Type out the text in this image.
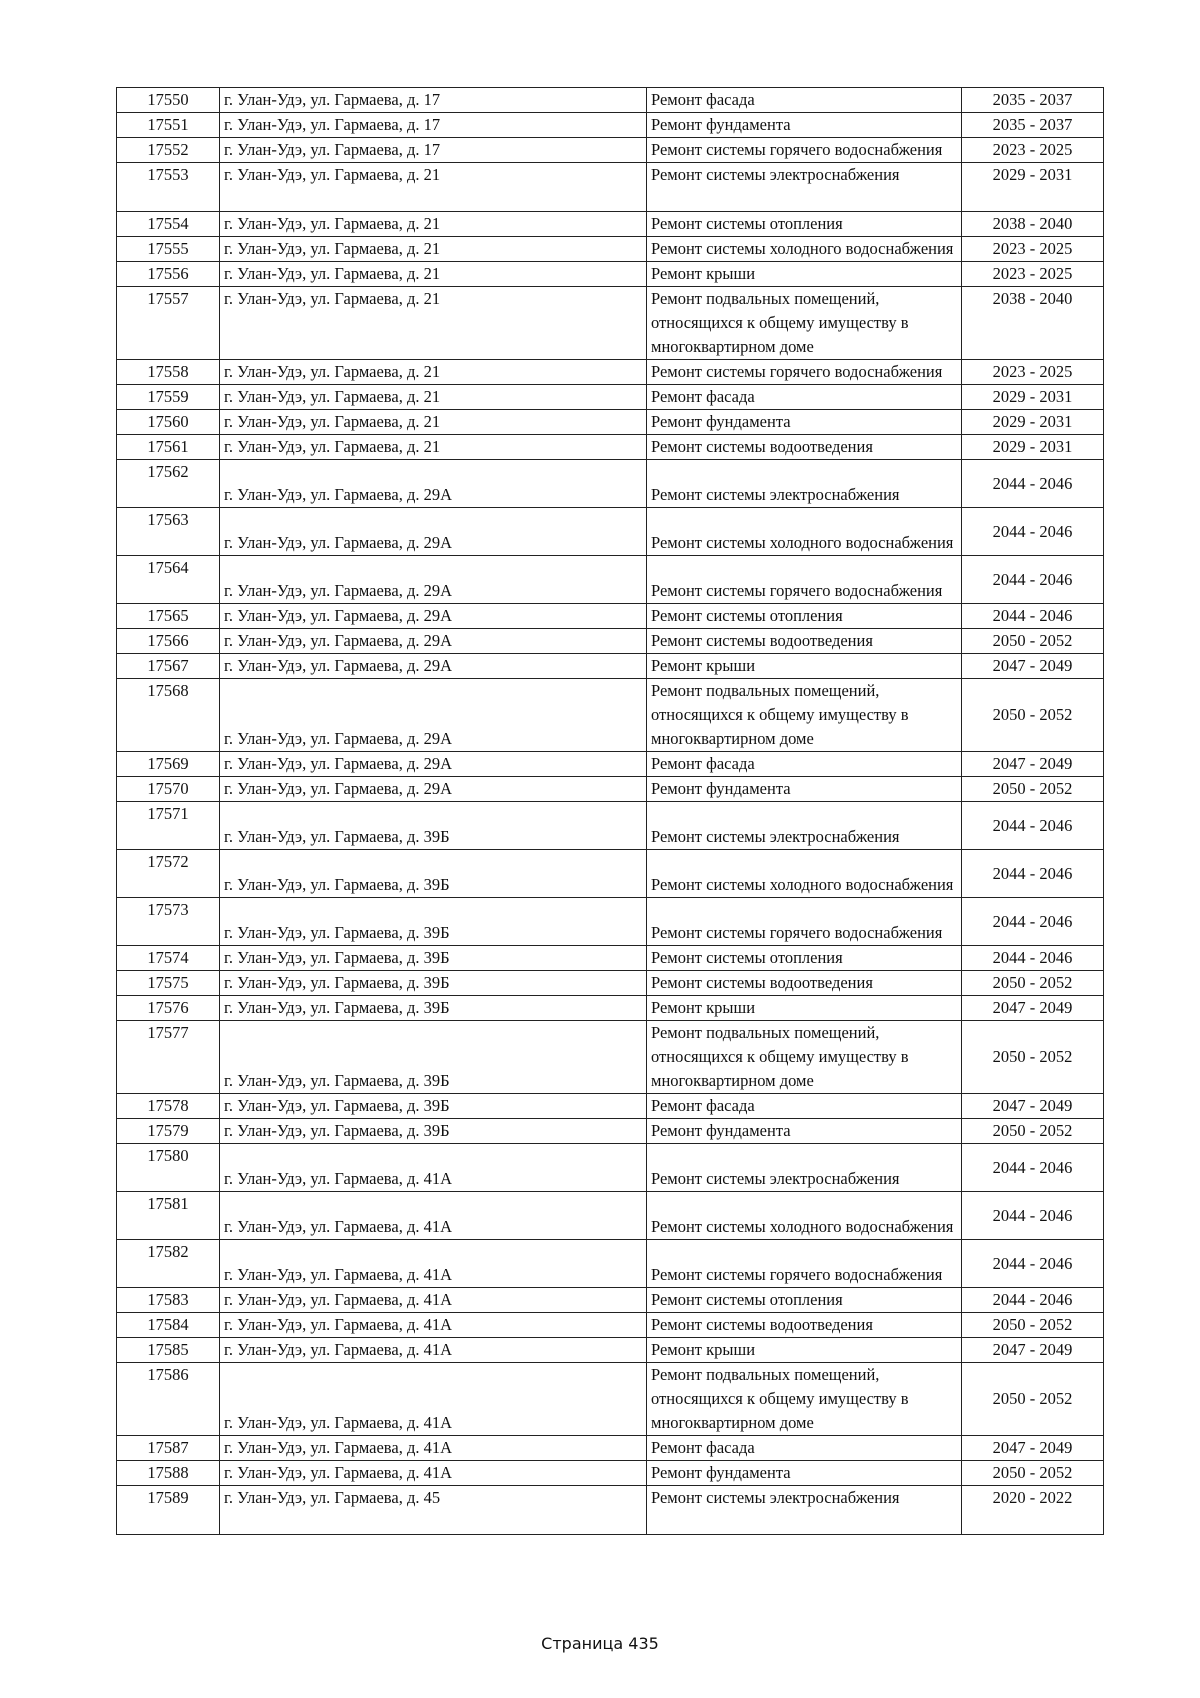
17550	г. Улан-Удэ, ул. Гармаева, д. 17	Ремонт фасада	2035 - 2037
17551	г. Улан-Удэ, ул. Гармаева, д. 17	Ремонт фундамента	2035 - 2037
17552	г. Улан-Удэ, ул. Гармаева, д. 17	Ремонт системы горячего водоснабжения	2023 - 2025
17553	г. Улан-Удэ, ул. Гармаева, д. 21	Ремонт системы электроснабжения	2029 - 2031
17554	г. Улан-Удэ, ул. Гармаева, д. 21	Ремонт системы отопления	2038 - 2040
17555	г. Улан-Удэ, ул. Гармаева, д. 21	Ремонт системы холодного водоснабжения	2023 - 2025
17556	г. Улан-Удэ, ул. Гармаева, д. 21	Ремонт крыши	2023 - 2025
17557	г. Улан-Удэ, ул. Гармаева, д. 21	Ремонт подвальных помещений, относящихся к общему имуществу в многоквартирном доме	2038 - 2040
17558	г. Улан-Удэ, ул. Гармаева, д. 21	Ремонт системы горячего водоснабжения	2023 - 2025
17559	г. Улан-Удэ, ул. Гармаева, д. 21	Ремонт фасада	2029 - 2031
17560	г. Улан-Удэ, ул. Гармаева, д. 21	Ремонт фундамента	2029 - 2031
17561	г. Улан-Удэ, ул. Гармаева, д. 21	Ремонт системы водоотведения	2029 - 2031
17562	г. Улан-Удэ, ул. Гармаева, д. 29А	Ремонт системы электроснабжения	2044 - 2046
17563	г. Улан-Удэ, ул. Гармаева, д. 29А	Ремонт системы холодного водоснабжения	2044 - 2046
17564	г. Улан-Удэ, ул. Гармаева, д. 29А	Ремонт системы горячего водоснабжения	2044 - 2046
17565	г. Улан-Удэ, ул. Гармаева, д. 29А	Ремонт системы отопления	2044 - 2046
17566	г. Улан-Удэ, ул. Гармаева, д. 29А	Ремонт системы водоотведения	2050 - 2052
17567	г. Улан-Удэ, ул. Гармаева, д. 29А	Ремонт крыши	2047 - 2049
17568	г. Улан-Удэ, ул. Гармаева, д. 29А	Ремонт подвальных помещений, относящихся к общему имуществу в многоквартирном доме	2050 - 2052
17569	г. Улан-Удэ, ул. Гармаева, д. 29А	Ремонт фасада	2047 - 2049
17570	г. Улан-Удэ, ул. Гармаева, д. 29А	Ремонт фундамента	2050 - 2052
17571	г. Улан-Удэ, ул. Гармаева, д. 39Б	Ремонт системы электроснабжения	2044 - 2046
17572	г. Улан-Удэ, ул. Гармаева, д. 39Б	Ремонт системы холодного водоснабжения	2044 - 2046
17573	г. Улан-Удэ, ул. Гармаева, д. 39Б	Ремонт системы горячего водоснабжения	2044 - 2046
17574	г. Улан-Удэ, ул. Гармаева, д. 39Б	Ремонт системы отопления	2044 - 2046
17575	г. Улан-Удэ, ул. Гармаева, д. 39Б	Ремонт системы водоотведения	2050 - 2052
17576	г. Улан-Удэ, ул. Гармаева, д. 39Б	Ремонт крыши	2047 - 2049
17577	г. Улан-Удэ, ул. Гармаева, д. 39Б	Ремонт подвальных помещений, относящихся к общему имуществу в многоквартирном доме	2050 - 2052
17578	г. Улан-Удэ, ул. Гармаева, д. 39Б	Ремонт фасада	2047 - 2049
17579	г. Улан-Удэ, ул. Гармаева, д. 39Б	Ремонт фундамента	2050 - 2052
17580	г. Улан-Удэ, ул. Гармаева, д. 41А	Ремонт системы электроснабжения	2044 - 2046
17581	г. Улан-Удэ, ул. Гармаева, д. 41А	Ремонт системы холодного водоснабжения	2044 - 2046
17582	г. Улан-Удэ, ул. Гармаева, д. 41А	Ремонт системы горячего водоснабжения	2044 - 2046
17583	г. Улан-Удэ, ул. Гармаева, д. 41А	Ремонт системы отопления	2044 - 2046
17584	г. Улан-Удэ, ул. Гармаева, д. 41А	Ремонт системы водоотведения	2050 - 2052
17585	г. Улан-Удэ, ул. Гармаева, д. 41А	Ремонт крыши	2047 - 2049
17586	г. Улан-Удэ, ул. Гармаева, д. 41А	Ремонт подвальных помещений, относящихся к общему имуществу в многоквартирном доме	2050 - 2052
17587	г. Улан-Удэ, ул. Гармаева, д. 41А	Ремонт фасада	2047 - 2049
17588	г. Улан-Удэ, ул. Гармаева, д. 41А	Ремонт фундамента	2050 - 2052
17589	г. Улан-Удэ, ул. Гармаева, д. 45	Ремонт системы электроснабжения	2020 - 2022
Страница 435
